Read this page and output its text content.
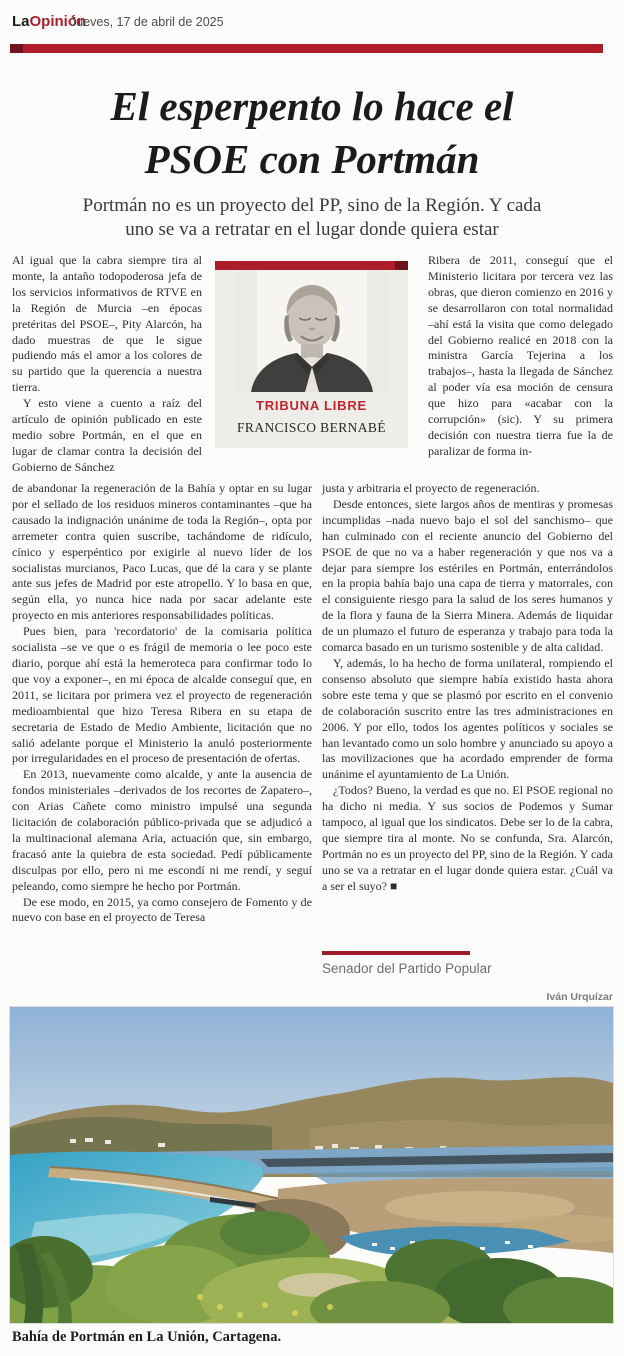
LaOpinión
Jueves, 17 de abril de 2025
El esperpento lo hace el
PSOE con Portmán
Portmán no es un proyecto del PP, sino de la Región. Y cada
uno se va a retratar en el lugar donde quiera estar
TRIBUNA LIBRE
FRANCISCO BERNABÉ

Al igual que la cabra siempre tira al monte, la antaño todopoderosa jefa de los servicios informativos de RTVE en la Región de Murcia –en épocas pretéritas del PSOE–, Pity Alarcón, ha dado muestras de que le sigue pudiendo más el amor a los colores de su partido que la querencia a nuestra tierra.

Y esto viene a cuento a raíz del artículo de opinión publicado en este medio sobre Portmán, en el que en lugar de clamar contra la decisión del Gobierno de Sánchez

Ribera de 2011, conseguí que el Ministerio licitara por tercera vez las obras, que dieron comienzo en 2016 y se desarrollaron con total normalidad –ahí está la visita que como delegado del Gobierno realicé en 2018 con la ministra García Tejerina a los trabajos–, hasta la llegada de Sánchez al poder vía esa moción de censura que hizo para «acabar con la corrupción» (sic). Y su primera decisión con nuestra tierra fue la de paralizar de forma in-

de abandonar la regeneración de la Bahía y optar en su lugar por el sellado de los residuos mineros contaminantes –que ha causado la indignación unánime de toda la Región–, opta por arremeter contra quien suscribe, tachándome de ridículo, cínico y esperpéntico por exigirle al nuevo líder de los socialistas murcianos, Paco Lucas, que dé la cara y se plante ante sus jefes de Madrid por este atropello. Y lo basa en que, según ella, yo nunca hice nada por sacar adelante este proyecto en mis anteriores responsabilidades políticas.

Pues bien, para 'recordatorio' de la comisaria política socialista –se ve que o es frágil de memoria o lee poco este diario, porque ahí está la hemeroteca para confirmar todo lo que voy a exponer–, en mi época de alcalde conseguí que, en 2011, se licitara por primera vez el proyecto de regeneración medioambiental que hizo Teresa Ribera en su etapa de secretaria de Estado de Medio Ambiente, licitación que no salió adelante porque el Ministerio la anuló posteriormente por irregularidades en el proceso de presentación de ofertas.

En 2013, nuevamente como alcalde, y ante la ausencia de fondos ministeriales –derivados de los recortes de Zapatero–, con Arias Cañete como ministro impulsé una segunda licitación de colaboración público-privada que se adjudicó a la multinacional alemana Aria, actuación que, sin embargo, fracasó ante la quiebra de esta sociedad. Pedí públicamente disculpas por ello, pero ni me escondí ni me rendí, y seguí peleando, como siempre he hecho por Portmán.

De ese modo, en 2015, ya como consejero de Fomento y de nuevo con base en el proyecto de Teresa

justa y arbitraria el proyecto de regeneración.

Desde entonces, siete largos años de mentiras y promesas incumplidas –nada nuevo bajo el sol del sanchismo– que han culminado con el reciente anuncio del Gobierno del PSOE de que no va a haber regeneración y que nos va a dejar para siempre los estériles en Portmán, enterrándolos en la propia bahía bajo una capa de tierra y matorrales, con el consiguiente riesgo para la salud de los seres humanos y de la flora y fauna de la Sierra Minera. Además de liquidar de un plumazo el futuro de esperanza y trabajo para toda la comarca basado en un turismo sostenible y de alta calidad.

Y, además, lo ha hecho de forma unilateral, rompiendo el consenso absoluto que siempre había existido hasta ahora sobre este tema y que se plasmó por escrito en el convenio de colaboración suscrito entre las tres administraciones en 2006. Y por ello, todos los agentes políticos y sociales se han levantado como un solo hombre y anunciado su apoyo a las movilizaciones que ha acordado emprender de forma unánime el ayuntamiento de La Unión.

¿Todos? Bueno, la verdad es que no. El PSOE regional no ha dicho ni media. Y sus socios de Podemos y Sumar tampoco, al igual que los sindicatos. Debe ser lo de la cabra, que siempre tira al monte. No se confunda, Sra. Alarcón, Portmán no es un proyecto del PP, sino de la Región. Y cada uno se va a retratar en el lugar donde quiera estar. ¿Cuál va a ser el suyo? ■

Senador del Partido Popular
Iván Urquízar
Bahía de Portmán en La Unión, Cartagena.
